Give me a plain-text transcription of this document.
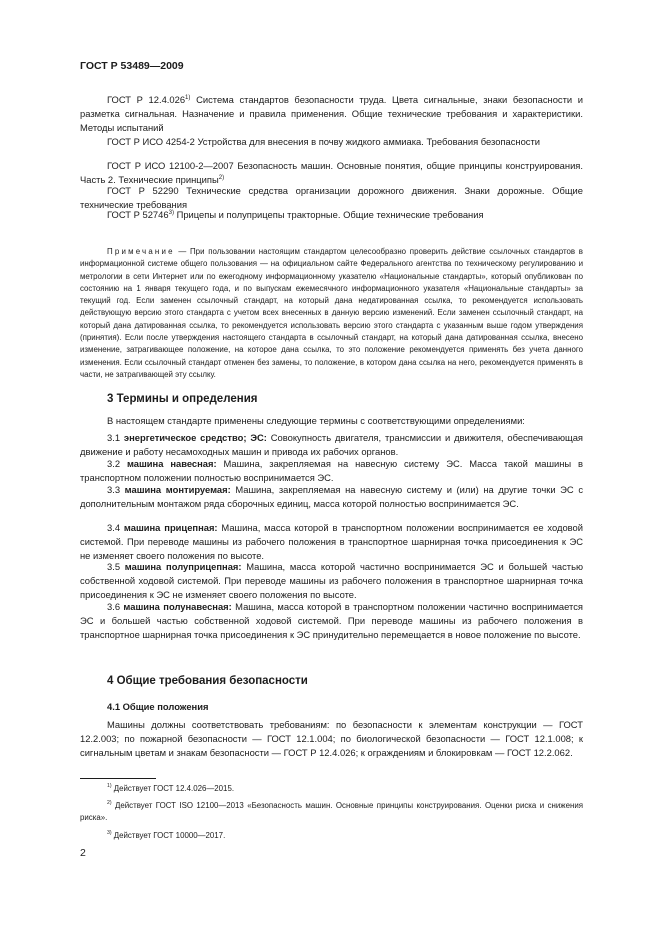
ГОСТ Р 53489—2009

ГОСТ Р 12.4.026$^{1)}$ Система стандартов безопасности труда. Цвета сигнальные, знаки безопасности и разметка сигнальная. Назначение и правила применения. Общие технические требования и характеристики. Методы испытаний

ГОСТ Р ИСО 4254-2 Устройства для внесения в почву жидкого аммиака. Требования безопасности

ГОСТ Р ИСО 12100-2—2007 Безопасность машин. Основные понятия, общие принципы конструирования. Часть 2. Технические принципы$^{2)}$

ГОСТ Р 52290 Технические средства организации дорожного движения. Знаки дорожные. Общие технические требования

ГОСТ Р 52746$^{3)}$ Прицепы и полуприцепы тракторные. Общие технические требования

Примечание — При пользовании настоящим стандартом целесообразно проверить действие ссылочных стандартов в информационной системе общего пользования — на официальном сайте Федерального агентства по техническому регулированию и метрологии в сети Интернет или по ежегодному информационному указателю «Национальные стандарты», который опубликован по состоянию на 1 января текущего года, и по выпускам ежемесячного информационного указателя «Национальные стандарты» за текущий год. Если заменен ссылочный стандарт, на который дана недатированная ссылка, то рекомендуется использовать действующую версию этого стандарта с учетом всех внесенных в данную версию изменений. Если заменен ссылочный стандарт, на который дана датированная ссылка, то рекомендуется использовать версию этого стандарта с указанным выше годом утверждения (принятия). Если после утверждения настоящего стандарта в ссылочный стандарт, на который дана датированная ссылка, внесено изменение, затрагивающее положение, на которое дана ссылка, то это положение рекомендуется применять без учета данного изменения. Если ссылочный стандарт отменен без замены, то положение, в котором дана ссылка на него, рекомендуется применять в части, не затрагивающей эту ссылку.
3 Термины и определения

В настоящем стандарте применены следующие термины с соответствующими определениями:

3.1 энергетическое средство; ЭС: Совокупность двигателя, трансмиссии и движителя, обеспечивающая движение и работу несамоходных машин и привода их рабочих органов.

3.2 машина навесная: Машина, закрепляемая на навесную систему ЭС. Масса такой машины в транспортном положении полностью воспринимается ЭС.

3.3 машина монтируемая: Машина, закрепляемая на навесную систему и (или) на другие точки ЭС с дополнительным монтажом ряда сборочных единиц, масса которой полностью воспринимается ЭС.

3.4 машина прицепная: Машина, масса которой в транспортном положении воспринимается ее ходовой системой. При переводе машины из рабочего положения в транспортное шарнирная точка присоединения к ЭС не изменяет своего положения по высоте.

3.5 машина полуприцепная: Машина, масса которой частично воспринимается ЭС и большей частью собственной ходовой системой. При переводе машины из рабочего положения в транспортное шарнирная точка присоединения к ЭС не изменяет своего положения по высоте.

3.6 машина полунавесная: Машина, масса которой в транспортном положении частично воспринимается ЭС и большей частью собственной ходовой системой. При переводе машины из рабочего положения в транспортное шарнирная точка присоединения к ЭС принудительно перемещается в новое положение по высоте.

4 Общие требования безопасности
4.1 Общие положения

Машины должны соответствовать требованиям: по безопасности к элементам конструкции — ГОСТ 12.2.003; по пожарной безопасности — ГОСТ 12.1.004; по биологической безопасности — ГОСТ 12.1.008; к сигнальным цветам и знакам безопасности — ГОСТ Р 12.4.026; к ограждениям и блокировкам — ГОСТ 12.2.062.

$^{1)}$ Действует ГОСТ 12.4.026—2015.
$^{2)}$ Действует ГОСТ ISO 12100—2013 «Безопасность машин. Основные принципы конструирования. Оценки риска и снижения риска».
$^{3)}$ Действует ГОСТ 10000—2017.
2
